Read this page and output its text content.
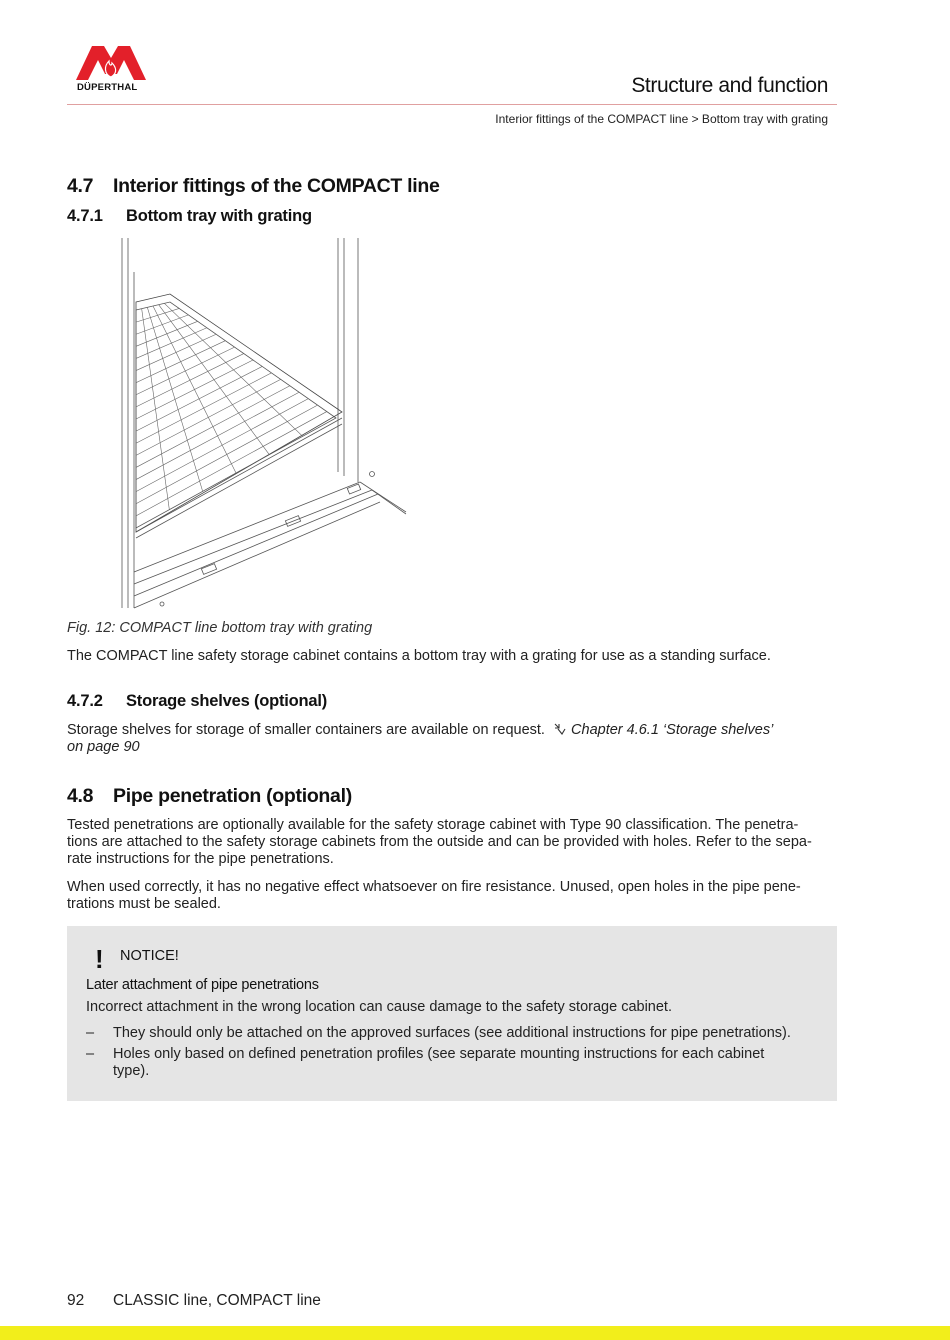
DÜPERTHAL	Structure and function
Interior fittings of the COMPACT line > Bottom tray with grating
4.7 Interior fittings of the COMPACT line
4.7.1 Bottom tray with grating
Fig. 12: COMPACT line bottom tray with grating
The COMPACT line safety storage cabinet contains a bottom tray with a grating for use as a standing surface.
4.7.2 Storage shelves (optional)
Storage shelves for storage of smaller containers are available on request. Chapter 4.6.1 ‘Storage shelves’
on page 90
4.8 Pipe penetration (optional)
Tested penetrations are optionally available for the safety storage cabinet with Type 90 classification. The penetra-
tions are attached to the safety storage cabinets from the outside and can be provided with holes. Refer to the sepa-
rate instructions for the pipe penetrations.
When used correctly, it has no negative effect whatsoever on fire resistance. Unused, open holes in the pipe pene-
trations must be sealed.
! NOTICE!
Later attachment of pipe penetrations
Incorrect attachment in the wrong location can cause damage to the safety storage cabinet.
– They should only be attached on the approved surfaces (see additional instructions for pipe penetrations).
– Holes only based on defined penetration profiles (see separate mounting instructions for each cabinet
type).
92 CLASSIC line, COMPACT line
